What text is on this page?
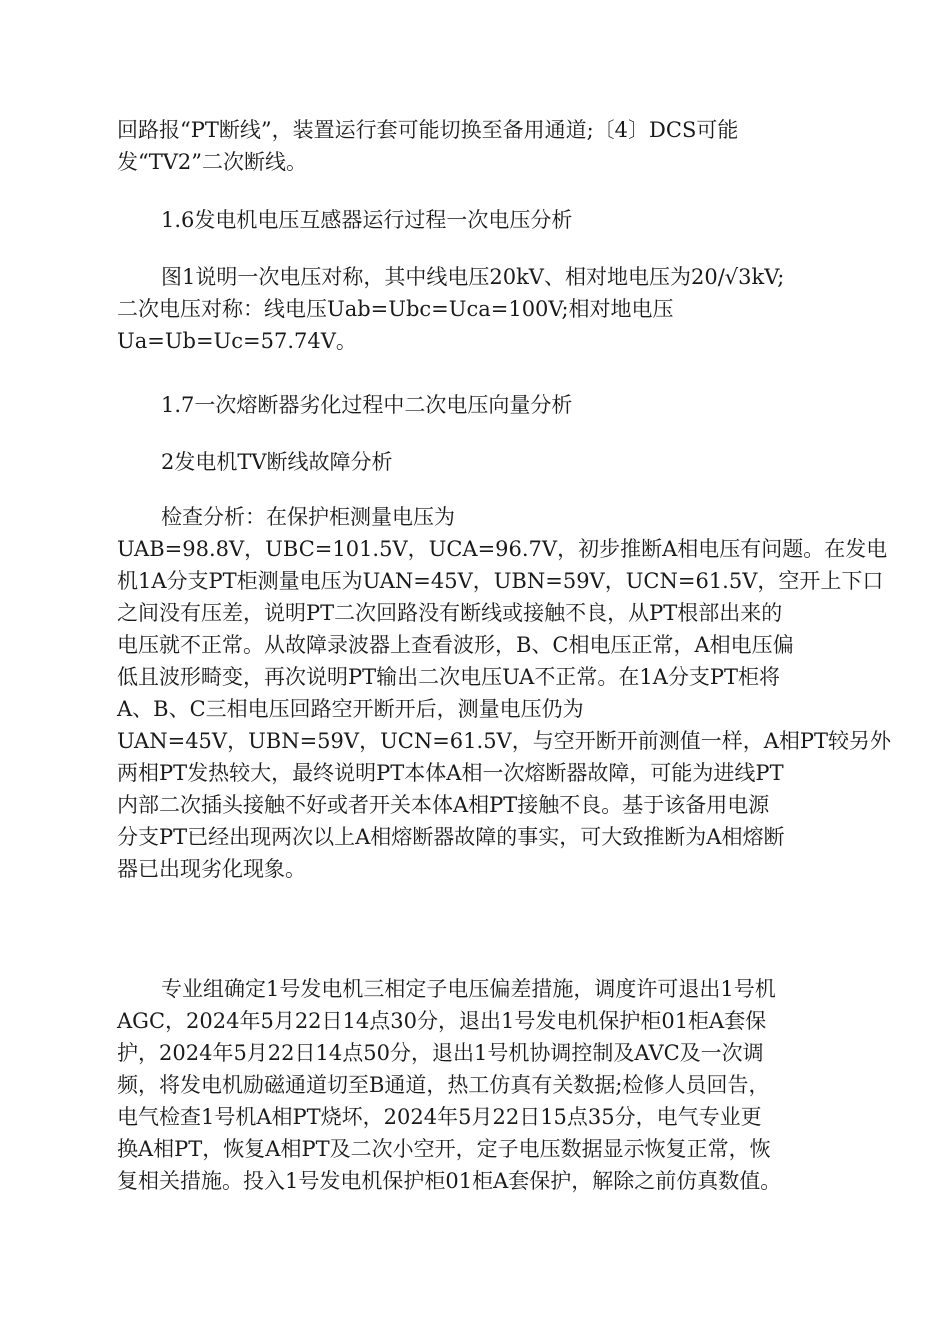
回路报“PT断线”，装置运行套可能切换至备用通道;〔4〕DCS可能
发“TV2”二次断线。
1.6发电机电压互感器运行过程一次电压分析
图1说明一次电压对称，其中线电压20kV、相对地电压为20/√3kV;
二次电压对称：线电压Uab=Ubc=Uca=100V;相对地电压
Ua=Ub=Uc=57.74V。
1.7一次熔断器劣化过程中二次电压向量分析
2发电机TV断线故障分析
检查分析：在保护柜测量电压为
UAB=98.8V，UBC=101.5V，UCA=96.7V，初步推断A相电压有问题。在发电
机1A分支PT柜测量电压为UAN=45V，UBN=59V，UCN=61.5V，空开上下口
之间没有压差，说明PT二次回路没有断线或接触不良，从PT根部出来的
电压就不正常。从故障录波器上查看波形，B、C相电压正常，A相电压偏
低且波形畸变，再次说明PT输出二次电压UA不正常。在1A分支PT柜将
A、B、C三相电压回路空开断开后，测量电压仍为
UAN=45V，UBN=59V，UCN=61.5V，与空开断开前测值一样，A相PT较另外
两相PT发热较大，最终说明PT本体A相一次熔断器故障，可能为进线PT
内部二次插头接触不好或者开关本体A相PT接触不良。基于该备用电源
分支PT已经出现两次以上A相熔断器故障的事实，可大致推断为A相熔断
器已出现劣化现象。
专业组确定1号发电机三相定子电压偏差措施，调度许可退出1号机
AGC，2024年5月22日14点30分，退出1号发电机保护柜01柜A套保
护，2024年5月22日14点50分，退出1号机协调控制及AVC及一次调
频，将发电机励磁通道切至B通道，热工仿真有关数据;检修人员回告，
电气检查1号机A相PT烧坏，2024年5月22日15点35分，电气专业更
换A相PT，恢复A相PT及二次小空开，定子电压数据显示恢复正常，恢
复相关措施。投入1号发电机保护柜01柜A套保护，解除之前仿真数值。
